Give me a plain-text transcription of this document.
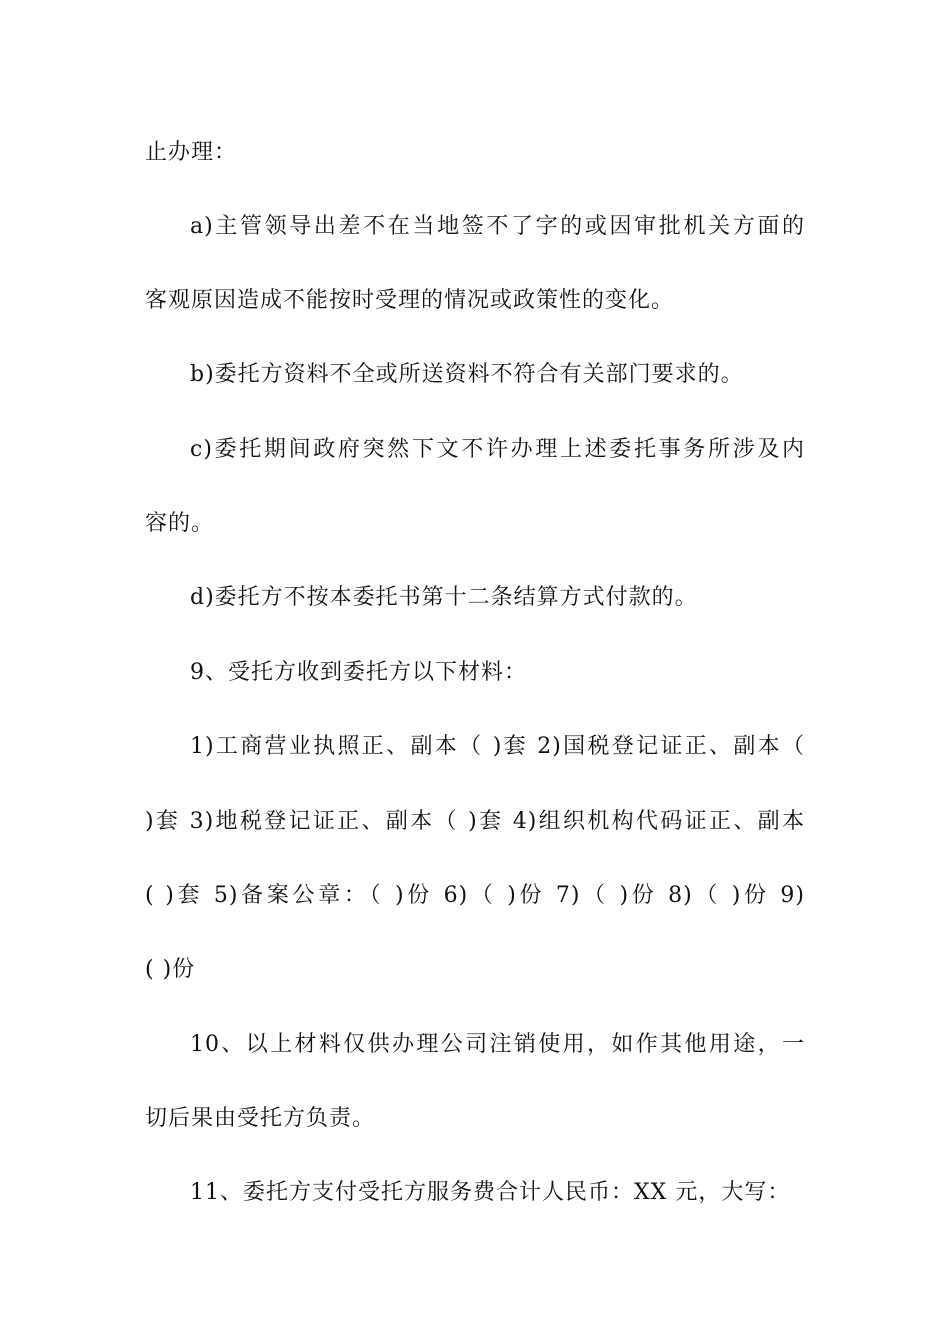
止办理：
a)主管领导出差不在当地签不了字的或因审批机关方面的
客观原因造成不能按时受理的情况或政策性的变化。
b)委托方资料不全或所送资料不符合有关部门要求的。
c)委托期间政府突然下文不许办理上述委托事务所涉及内
容的。
d)委托方不按本委托书第十二条结算方式付款的。
9、受托方收到委托方以下材料：
1)工商营业执照正、副本（ )套 2)国税登记证正、副本（
)套 3)地税登记证正、副本（ )套 4)组织机构代码证正、副本
( )套 5)备案公章：（ )份 6)（ )份 7)（ )份 8)（ )份 9)
( )份
10、以上材料仅供办理公司注销使用，如作其他用途，一
切后果由受托方负责。
11、委托方支付受托方服务费合计人民币：XX 元，大写：
